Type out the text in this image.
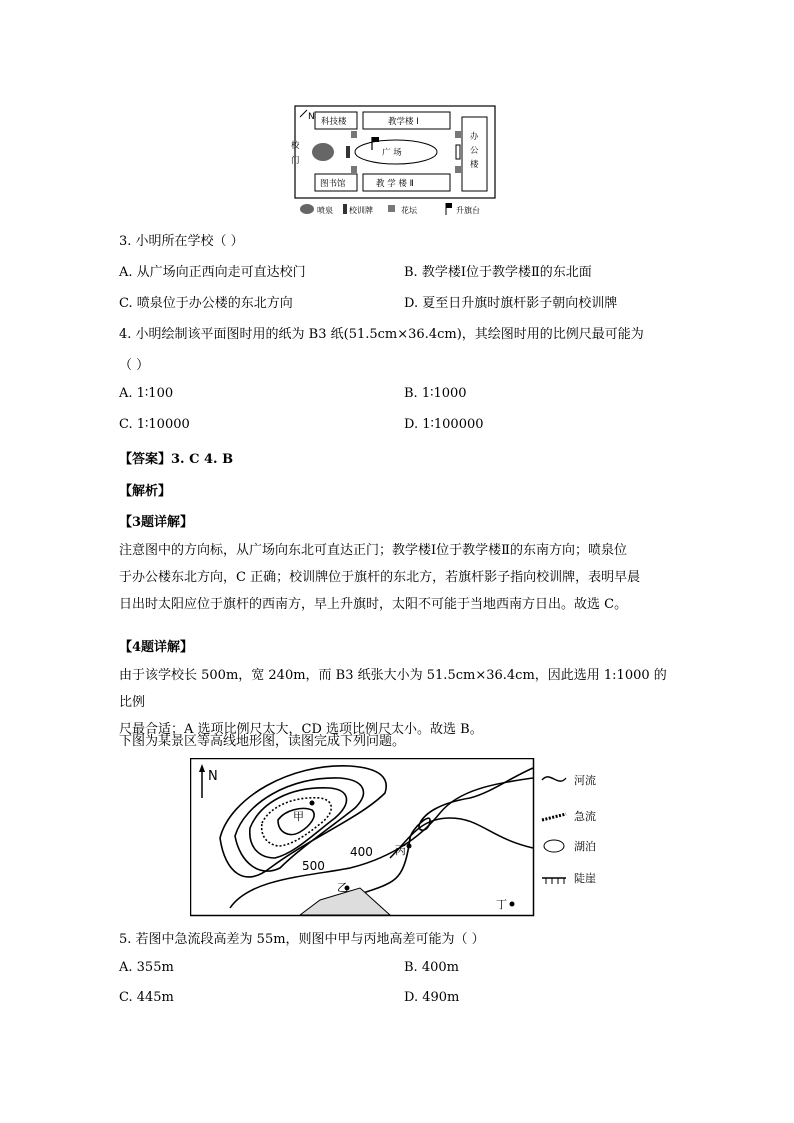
N 科技楼	教学楼 I
校
门
广 场
办
公
楼
图书馆	教 学 楼 Ⅱ
喷泉 校训牌	花坛	升旗台
3. 小明所在学校（ ）
A. 从广场向正西向走可直达校门	B. 教学楼Ⅰ位于教学楼Ⅱ的东北面
C. 喷泉位于办公楼的东北方向	D. 夏至日升旗时旗杆影子朝向校训牌
4. 小明绘制该平面图时用的纸为 B3 纸(51.5cm×36.4cm)，其绘图时用的比例尺最可能为
（ ）
A. 1∶100	B. 1∶1000
C. 1∶10000	D. 1∶100000
【答案】3. C 4. B
【解析】
【3题详解】
注意图中的方向标，从广场向东北可直达正门；教学楼Ⅰ位于教学楼Ⅱ的东南方向；喷泉位
于办公楼东北方向，C 正确；校训牌位于旗杆的东北方，若旗杆影子指向校训牌，表明早晨
日出时太阳应位于旗杆的西南方，早上升旗时，太阳不可能于当地西南方日出。故选 C。
【4题详解】
由于该学校长 500m，宽 240m，而 B3 纸张大小为 51.5cm×36.4cm，因此选用 1:1000 的比例
尺最合适；A 选项比例尺太大，CD 选项比例尺太小。故选 B。
下图为某景区等高线地形图，读图完成下列问题。
N
甲
500
400 丙
乙
丁
河流
急流
湖泊
陡崖
5. 若图中急流段高差为 55m，则图中甲与丙地高差可能为（ ）
A. 355m	B. 400m
C. 445m	D. 490m
